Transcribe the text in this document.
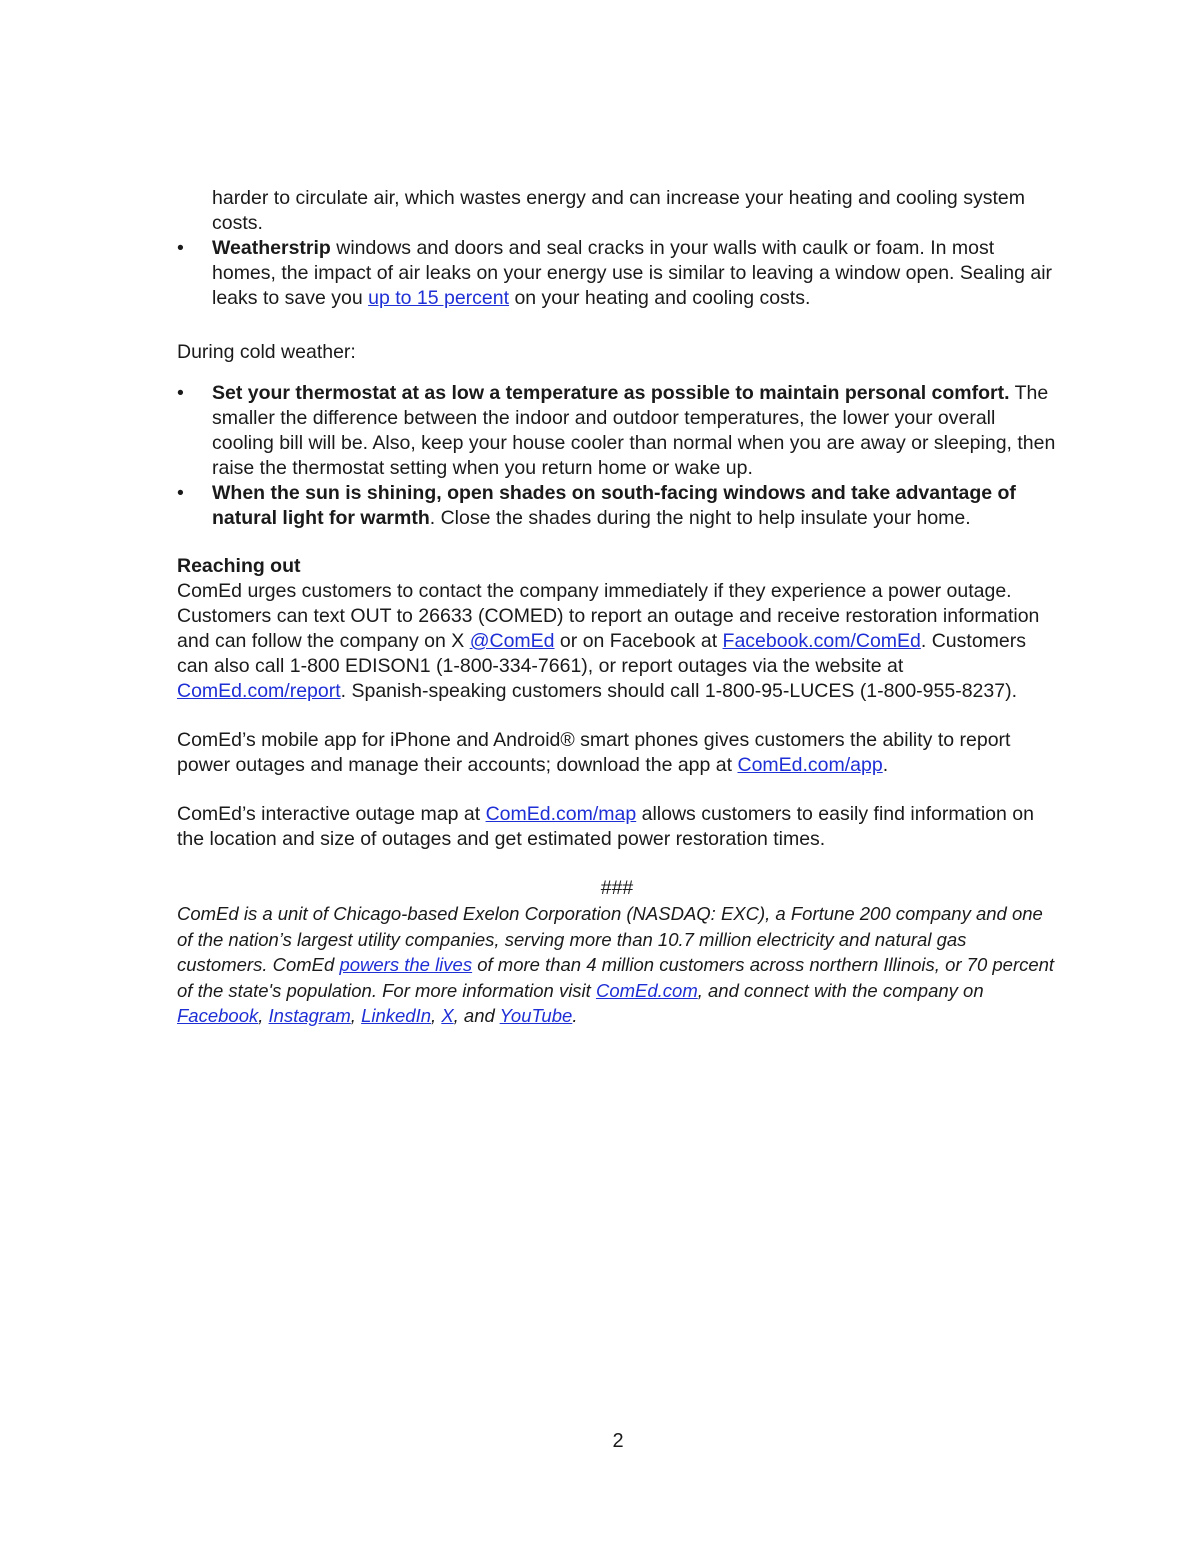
harder to circulate air, which wastes energy and can increase your heating and cooling system costs.
• Weatherstrip windows and doors and seal cracks in your walls with caulk or foam. In most homes, the impact of air leaks on your energy use is similar to leaving a window open. Sealing air leaks to save you up to 15 percent on your heating and cooling costs.

During cold weather:

• Set your thermostat at as low a temperature as possible to maintain personal comfort. The smaller the difference between the indoor and outdoor temperatures, the lower your overall cooling bill will be. Also, keep your house cooler than normal when you are away or sleeping, then raise the thermostat setting when you return home or wake up.
• When the sun is shining, open shades on south-facing windows and take advantage of natural light for warmth. Close the shades during the night to help insulate your home.

Reaching out

ComEd urges customers to contact the company immediately if they experience a power outage. Customers can text OUT to 26633 (COMED) to report an outage and receive restoration information and can follow the company on X @ComEd or on Facebook at Facebook.com/ComEd. Customers can also call 1-800 EDISON1 (1-800-334-7661), or report outages via the website at ComEd.com/report. Spanish-speaking customers should call 1-800-95-LUCES (1-800-955-8237).

ComEd’s mobile app for iPhone and Android® smart phones gives customers the ability to report power outages and manage their accounts; download the app at ComEd.com/app.

ComEd’s interactive outage map at ComEd.com/map allows customers to easily find information on the location and size of outages and get estimated power restoration times.

###

ComEd is a unit of Chicago-based Exelon Corporation (NASDAQ: EXC), a Fortune 200 company and one of the nation’s largest utility companies, serving more than 10.7 million electricity and natural gas customers. ComEd powers the lives of more than 4 million customers across northern Illinois, or 70 percent of the state's population. For more information visit ComEd.com, and connect with the company on Facebook, Instagram, LinkedIn, X, and YouTube.

2
